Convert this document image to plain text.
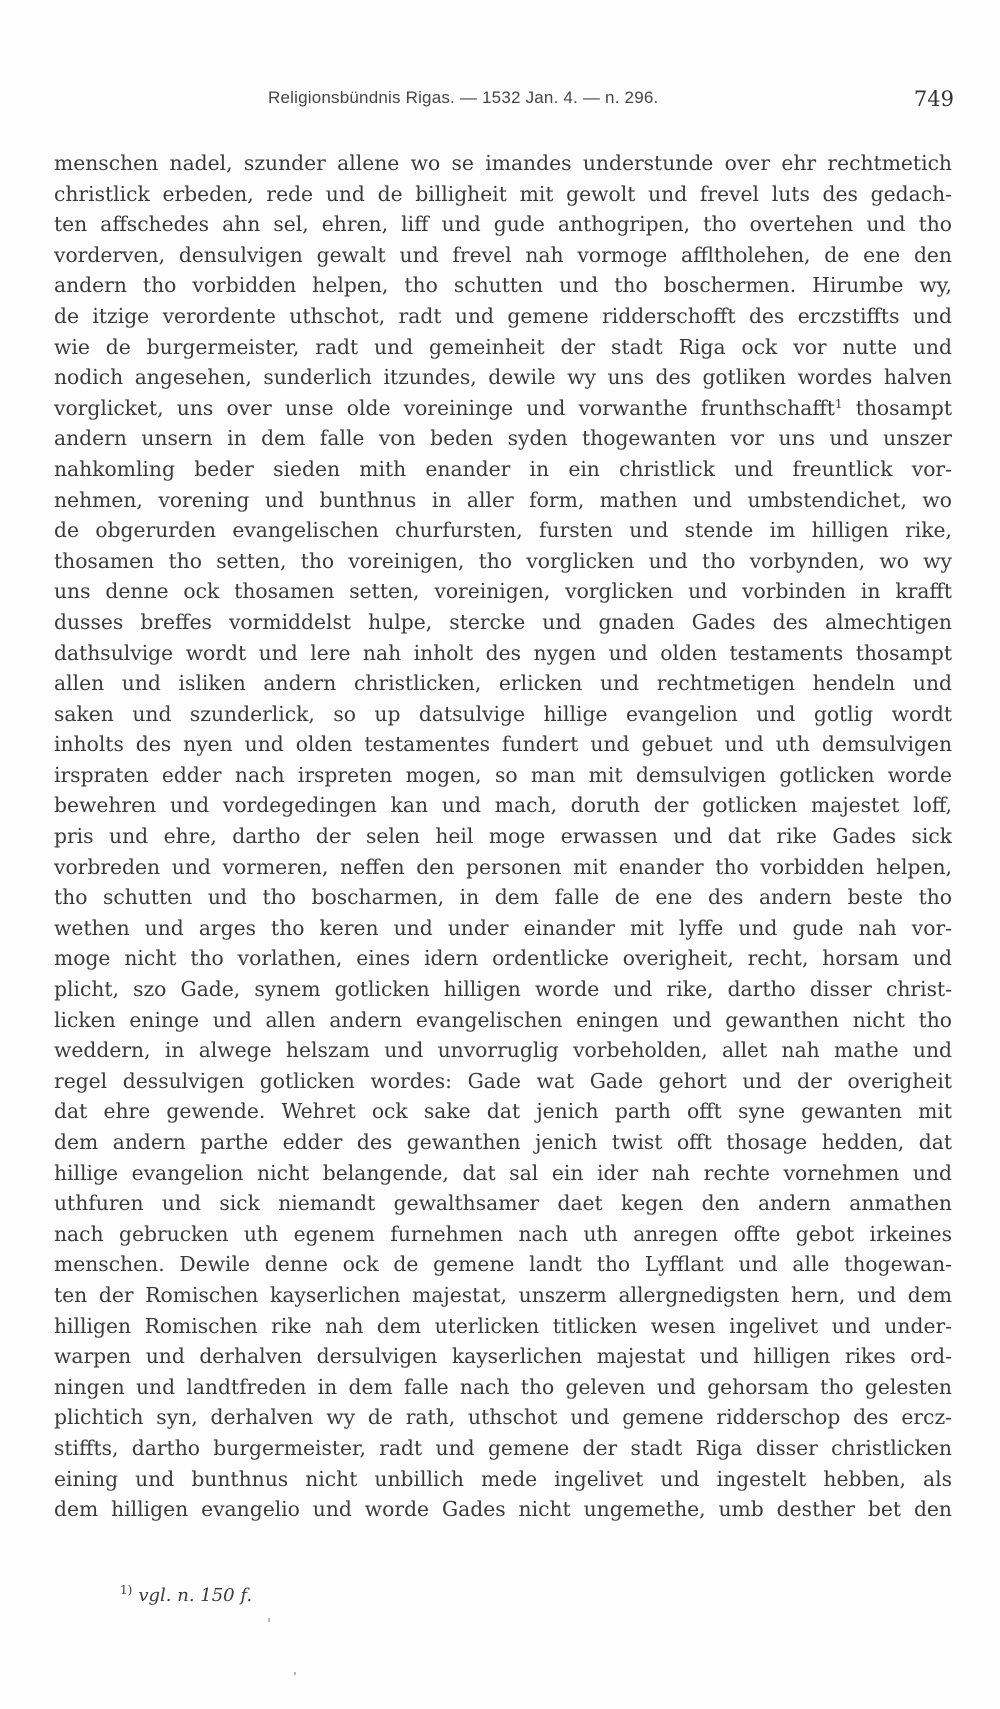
Religionsbündnis Rigas. — 1532 Jan. 4. — n. 296.	749
menschen nadel, szunder allene wo se imandes understunde over ehr rechtmetich
christlick erbeden, rede und de billigheit mit gewolt und frevel luts des gedach-
ten affschedes ahn sel, ehren, liff und gude anthogripen, tho overtehen und tho
vorderven, densulvigen gewalt und frevel nah vormoge affltholehen, de ene den
andern tho vorbidden helpen, tho schutten und tho boschermen. Hirumbe wy,
de itzige verordente uthschot, radt und gemene ridderschofft des erczstiffts und
wie de burgermeister, radt und gemeinheit der stadt Riga ock vor nutte und
nodich angesehen, sunderlich itzundes, dewile wy uns des gotliken wordes halven
vorglicket, uns over unse olde voreininge und vorwanthe frunthschafft$^1$ thosampt
andern unsern in dem falle von beden syden thogewanten vor uns und unszer
nahkomling beder sieden mith enander in ein christlick und freuntlick vor-
nehmen, vorening und bunthnus in aller form, mathen und umbstendichet, wo
de obgerurden evangelischen churfursten, fursten und stende im hilligen rike,
thosamen tho setten, tho voreinigen, tho vorglicken und tho vorbynden, wo wy
uns denne ock thosamen setten, voreinigen, vorglicken und vorbinden in krafft
dusses breffes vormiddelst hulpe, stercke und gnaden Gades des almechtigen
dathsulvige wordt und lere nah inholt des nygen und olden testaments thosampt
allen und isliken andern christlicken, erlicken und rechtmetigen hendeln und
saken und szunderlick, so up datsulvige hillige evangelion und gotlig wordt
inholts des nyen und olden testamentes fundert und gebuet und uth demsulvigen
irspraten edder nach irspreten mogen, so man mit demsulvigen gotlicken worde
bewehren und vordegedingen kan und mach, doruth der gotlicken majestet loff,
pris und ehre, dartho der selen heil moge erwassen und dat rike Gades sick
vorbreden und vormeren, neffen den personen mit enander tho vorbidden helpen,
tho schutten und tho boscharmen, in dem falle de ene des andern beste tho
wethen und arges tho keren und under einander mit lyffe und gude nah vor-
moge nicht tho vorlathen, eines idern ordentlicke overigheit, recht, horsam und
plicht, szo Gade, synem gotlicken hilligen worde und rike, dartho disser christ-
licken eninge und allen andern evangelischen eningen und gewanthen nicht tho
weddern, in alwege helszam und unvorruglig vorbeholden, allet nah mathe und
regel dessulvigen gotlicken wordes: Gade wat Gade gehort und der overigheit
dat ehre gewende. Wehret ock sake dat jenich parth offt syne gewanten mit
dem andern parthe edder des gewanthen jenich twist offt thosage hedden, dat
hillige evangelion nicht belangende, dat sal ein ider nah rechte vornehmen und
uthfuren und sick niemandt gewalthsamer daet kegen den andern anmathen
nach gebrucken uth egenem furnehmen nach uth anregen offte gebot irkeines
menschen. Dewile denne ock de gemene landt tho Lyfflant und alle thogewan-
ten der Romischen kayserlichen majestat, unszerm allergnedigsten hern, und dem
hilligen Romischen rike nah dem uterlicken titlicken wesen ingelivet und under-
warpen und derhalven dersulvigen kayserlichen majestat und hilligen rikes ord-
ningen und landtfreden in dem falle nach tho geleven und gehorsam tho gelesten
plichtich syn, derhalven wy de rath, uthschot und gemene ridderschop des ercz-
stiffts, dartho burgermeister, radt und gemene der stadt Riga disser christlicken
eining und bunthnus nicht unbillich mede ingelivet und ingestelt hebben, als
dem hilligen evangelio und worde Gades nicht ungemethe, umb desther bet den
$^{1)}$ vgl. n. 150 f.
